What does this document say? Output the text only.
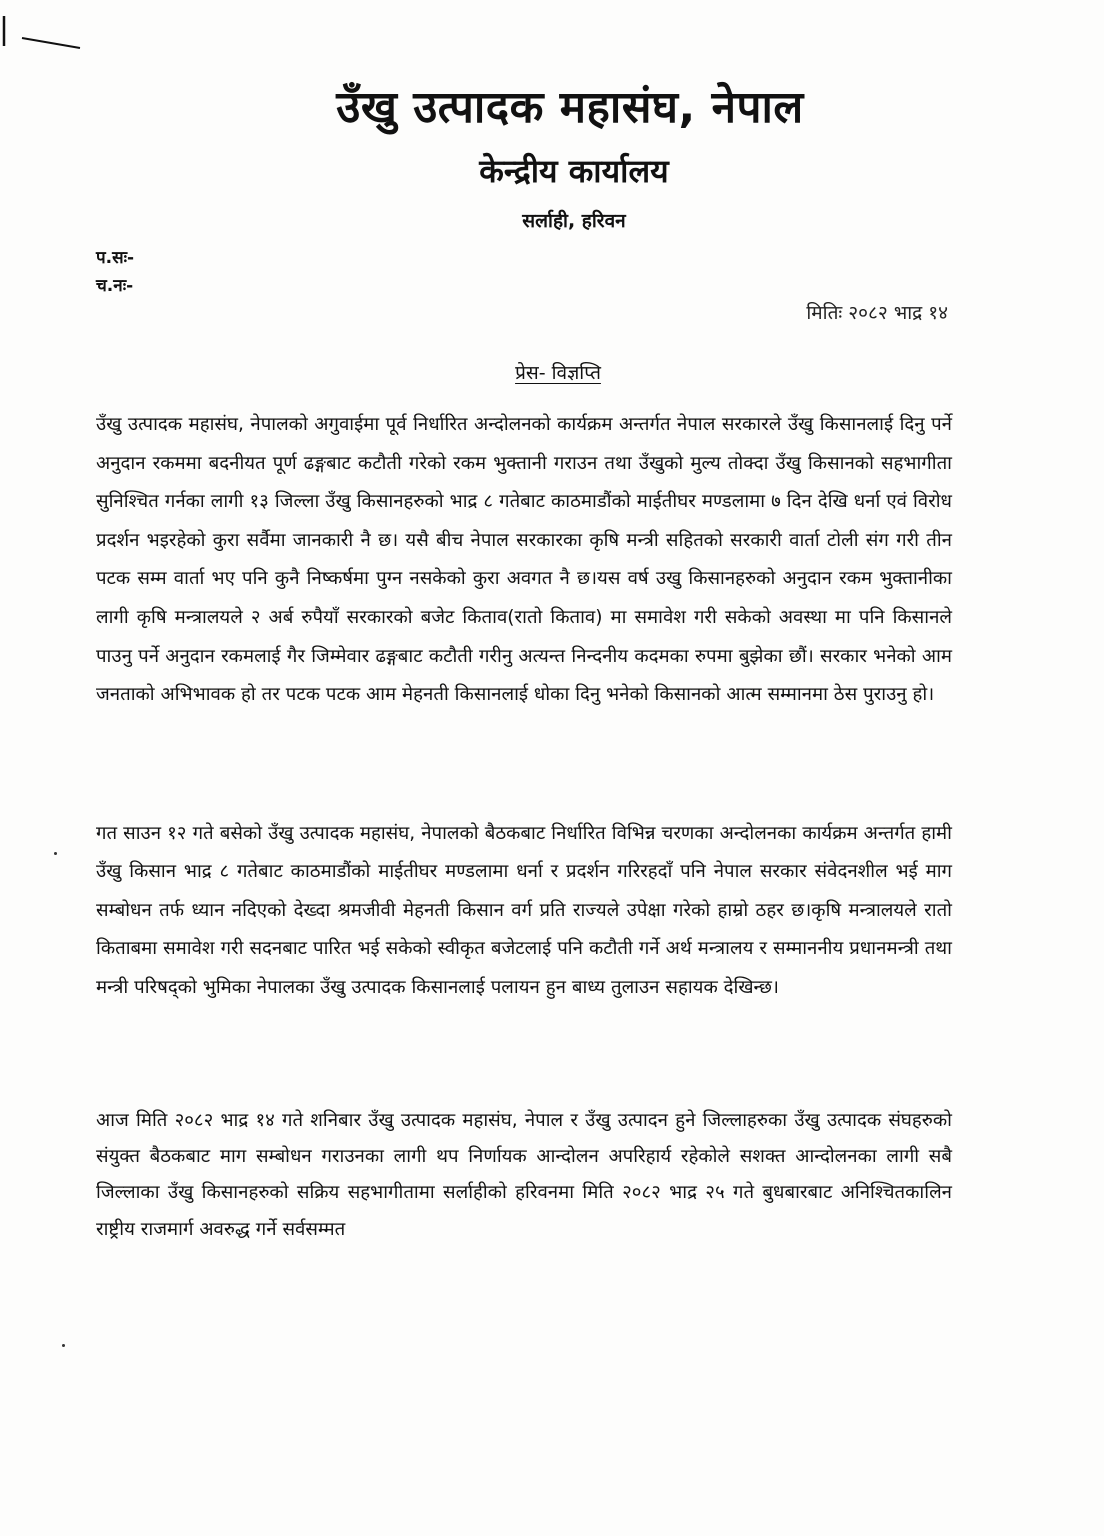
उँखु उत्पादक महासंघ, नेपाल
केन्द्रीय कार्यालय
सर्लाही, हरिवन
प.सः-
च.नः-
मितिः २०८२ भाद्र १४
प्रेस- विज्ञप्ति

उँखु उत्पादक महासंघ, नेपालको अगुवाईमा पूर्व निर्धारित अन्दोलनको कार्यक्रम अन्तर्गत नेपाल सरकारले उँखु किसानलाई दिनु पर्ने अनुदान रकममा बदनीयत पूर्ण ढङ्गबाट कटौती गरेको रकम भुक्तानी गराउन तथा उँखुको मुल्य तोक्दा उँखु किसानको सहभागीता सुनिश्चित गर्नका लागी १३ जिल्ला उँखु किसानहरुको भाद्र ८ गतेबाट काठमाडौंको माईतीघर मण्डलामा ७ दिन देखि धर्ना एवं विरोध प्रदर्शन भइरहेको कुरा सर्वैमा जानकारी नै छ। यसै बीच नेपाल सरकारका कृषि मन्त्री सहितको सरकारी वार्ता टोली संग गरी तीन पटक सम्म वार्ता भए पनि कुनै निष्कर्षमा पुग्न नसकेको कुरा अवगत नै छ।यस वर्ष उखु किसानहरुको अनुदान रकम भुक्तानीका लागी कृषि मन्त्रालयले २ अर्ब रुपैयाँ सरकारको बजेट किताव(रातो किताव) मा समावेश गरी सकेको अवस्था मा पनि किसानले पाउनु पर्ने अनुदान रकमलाई गैर जिम्मेवार ढङ्गबाट कटौती गरीनु अत्यन्त निन्दनीय कदमका रुपमा बुझेका छौं। सरकार भनेको आम जनताको अभिभावक हो तर पटक पटक आम मेहनती किसानलाई धोका दिनु भनेको किसानको आत्म सम्मानमा ठेस पुराउनु हो।

गत साउन १२ गते बसेको उँखु उत्पादक महासंघ, नेपालको बैठकबाट निर्धारित विभिन्न चरणका अन्दोलनका कार्यक्रम अन्तर्गत हामी उँखु किसान भाद्र ८ गतेबाट काठमाडौंको माईतीघर मण्डलामा धर्ना र प्रदर्शन गरिरहदाँ पनि नेपाल सरकार संवेदनशील भई माग सम्बोधन तर्फ ध्यान नदिएको देख्दा श्रमजीवी मेहनती किसान वर्ग प्रति राज्यले उपेक्षा गरेको हाम्रो ठहर छ।कृषि मन्त्रालयले रातो किताबमा समावेश गरी सदनबाट पारित भई सकेको स्वीकृत बजेटलाई पनि कटौती गर्ने अर्थ मन्त्रालय र सम्माननीय प्रधानमन्त्री तथा मन्त्री परिषद्को भुमिका नेपालका उँखु उत्पादक किसानलाई पलायन हुन बाध्य तुलाउन सहायक देखिन्छ।

आज मिति २०८२ भाद्र १४ गते शनिबार उँखु उत्पादक महासंघ, नेपाल र उँखु उत्पादन हुने जिल्लाहरुका उँखु उत्पादक संघहरुको संयुक्त बैठकबाट माग सम्बोधन गराउनका लागी थप निर्णायक आन्दोलन अपरिहार्य रहेकोले सशक्त आन्दोलनका लागी सबै जिल्लाका उँखु किसानहरुको सक्रिय सहभागीतामा सर्लाहीको हरिवनमा मिति २०८२ भाद्र २५ गते बुधबारबाट अनिश्चितकालिन राष्ट्रीय राजमार्ग अवरुद्ध गर्ने सर्वसम्मत
